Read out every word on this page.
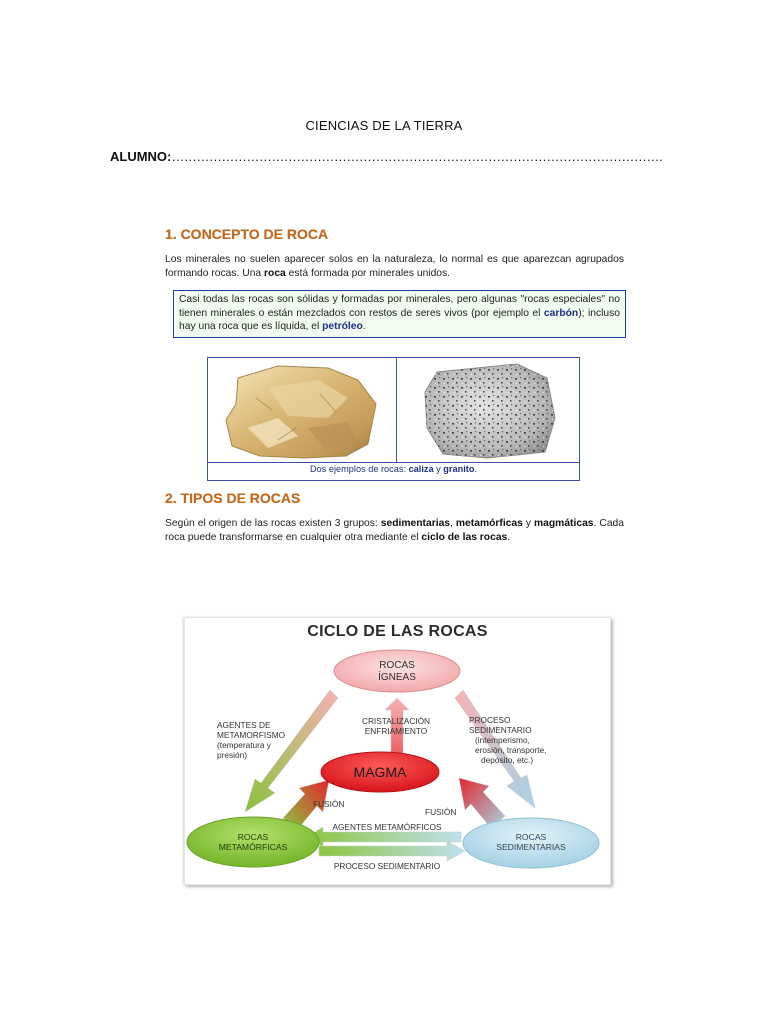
CIENCIAS DE LA TIERRA
ALUMNO:……………………………………………………………………………………………………….
1. CONCEPTO DE ROCA
Los minerales no suelen aparecer solos en la naturaleza, lo normal es que aparezcan agrupados formando rocas. Una roca está formada por minerales unidos.
Casi todas las rocas son sólidas y formadas por minerales, pero algunas "rocas especiales" no tienen minerales o están mezclados con restos de seres vivos (por ejemplo el carbón); incluso hay una roca que es líquida, el petróleo.
Dos ejemplos de rocas: caliza y granito.
2. TIPOS DE ROCAS
Según el origen de las rocas existen 3 grupos: sedimentarias, metamórficas y magmáticas. Cada roca puede transformarse en cualquier otra mediante el ciclo de las rocas.
CICLO DE LAS ROCAS
ROCAS
ÍGNEAS
MAGMA
ROCAS
METAMÓRFICAS
ROCAS
SEDIMENTARIAS
AGENTES DE
METAMORFISMO
(temperatura y
presión)
CRISTALIZACIÓN
ENFRIAMIENTO
PROCESO
SEDIMENTARIO
(intemperismo,
erosión, transporte,
depósito, etc.)
FUSIÓN
FUSIÓN
AGENTES METAMÓRFICOS
PROCESO SEDIMENTARIO
